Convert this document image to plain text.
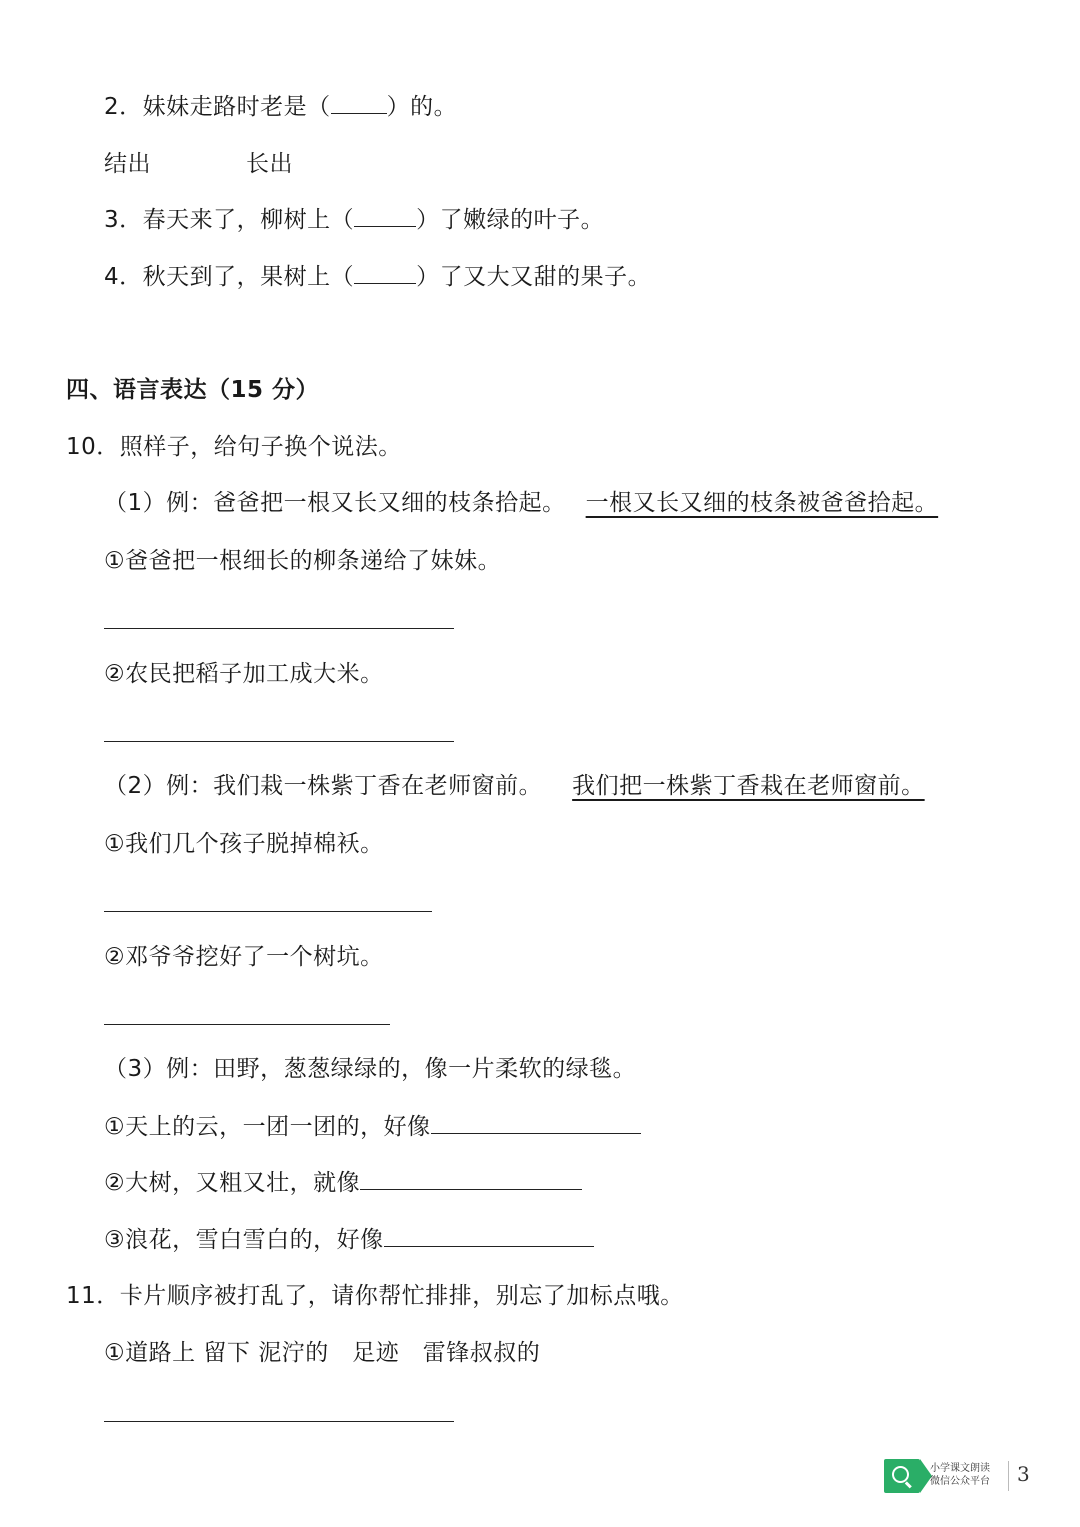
2．妹妹走路时老是（ ）的。
结出	长出
3．春天来了，柳树上（	）了嫩绿的叶子。
4．秋天到了，果树上（	）了又大又甜的果子。
四、语言表达（15 分）
10．照样子，给句子换个说法。
（1）例：爸爸把一根又长又细的枝条拾起。 一根又长又细的枝条被爸爸拾起。
①爸爸把一根细长的柳条递给了妹妹。
②农民把稻子加工成大米。
（2）例：我们栽一株紫丁香在老师窗前。 我们把一株紫丁香栽在老师窗前。
①我们几个孩子脱掉棉袄。
②邓爷爷挖好了一个树坑。
（3）例：田野，葱葱绿绿的，像一片柔软的绿毯。
①天上的云，一团一团的，好像
②大树，又粗又壮，就像
③浪花，雪白雪白的，好像
11．卡片顺序被打乱了，请你帮忙排排，别忘了加标点哦。
①道路上 留下 泥泞的　足迹　雷锋叔叔的
小学课文朗读
微信公众平台 3
